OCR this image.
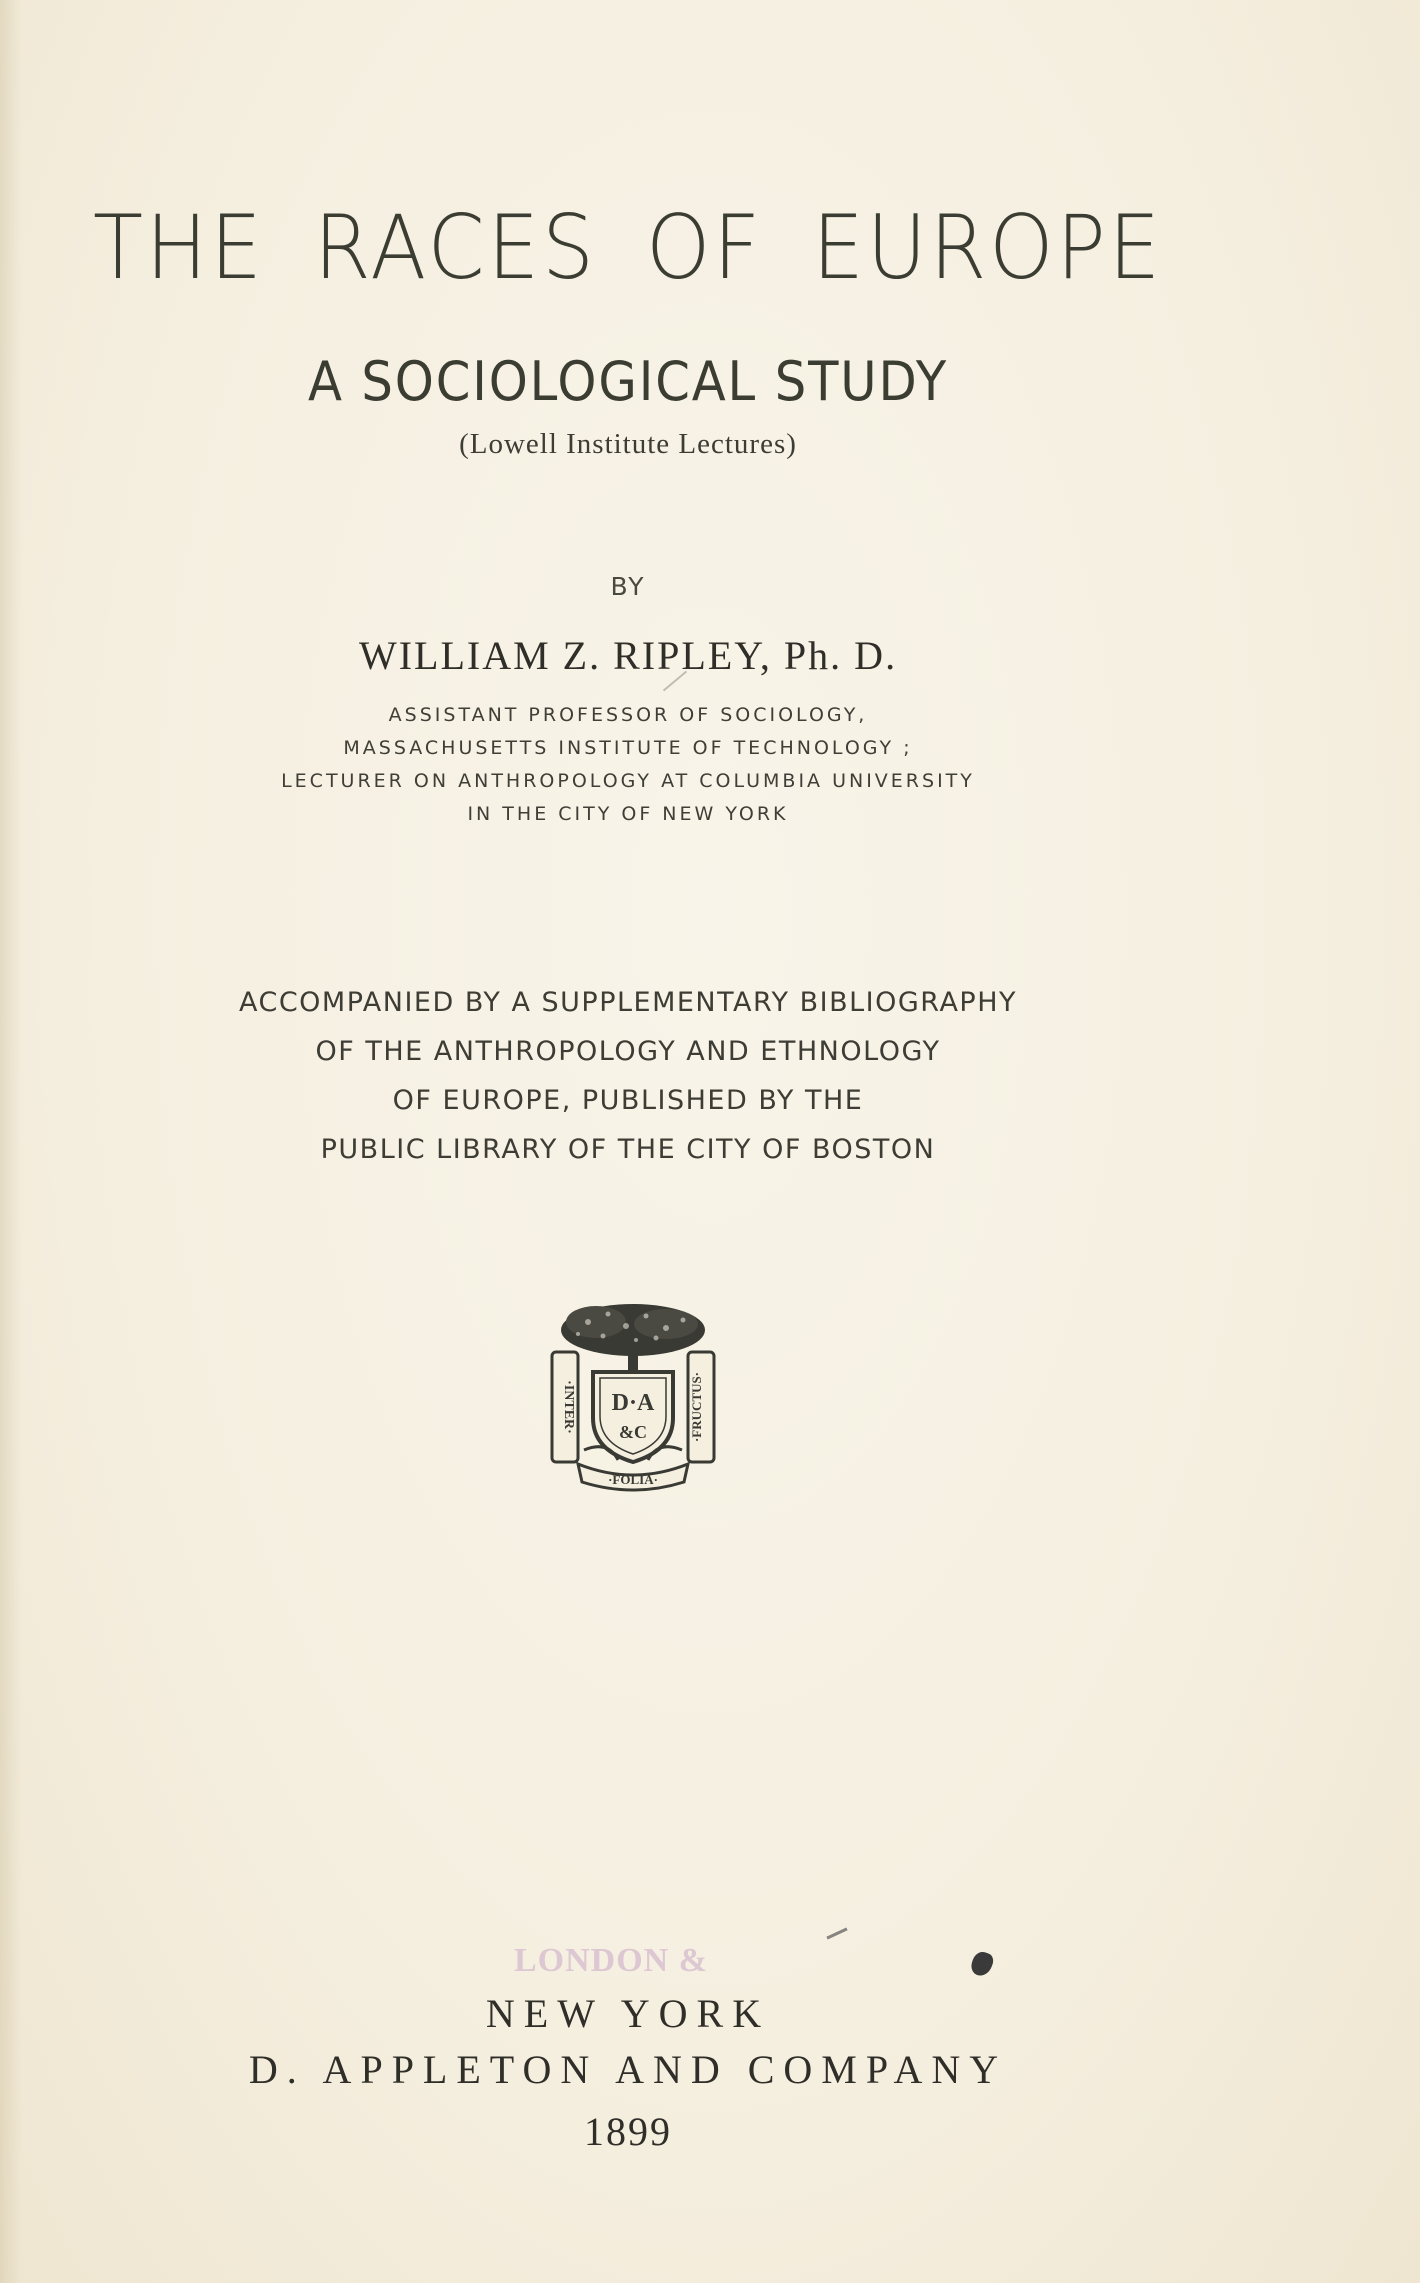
THE RACES OF EUROPE
A SOCIOLOGICAL STUDY
(Lowell Institute Lectures)
BY
WILLIAM Z. RIPLEY, Ph. D.
ASSISTANT PROFESSOR OF SOCIOLOGY,
MASSACHUSETTS INSTITUTE OF TECHNOLOGY ;
LECTURER ON ANTHROPOLOGY AT COLUMBIA UNIVERSITY
IN THE CITY OF NEW YORK
ACCOMPANIED BY A SUPPLEMENTARY BIBLIOGRAPHY
OF THE ANTHROPOLOGY AND ETHNOLOGY
OF EUROPE, PUBLISHED BY THE
PUBLIC LIBRARY OF THE CITY OF BOSTON
·INTER·	·FRUCTUS·
D·A
&C
·FOLIA·
LONDON &
NEW YORK
D. APPLETON AND COMPANY
1899
